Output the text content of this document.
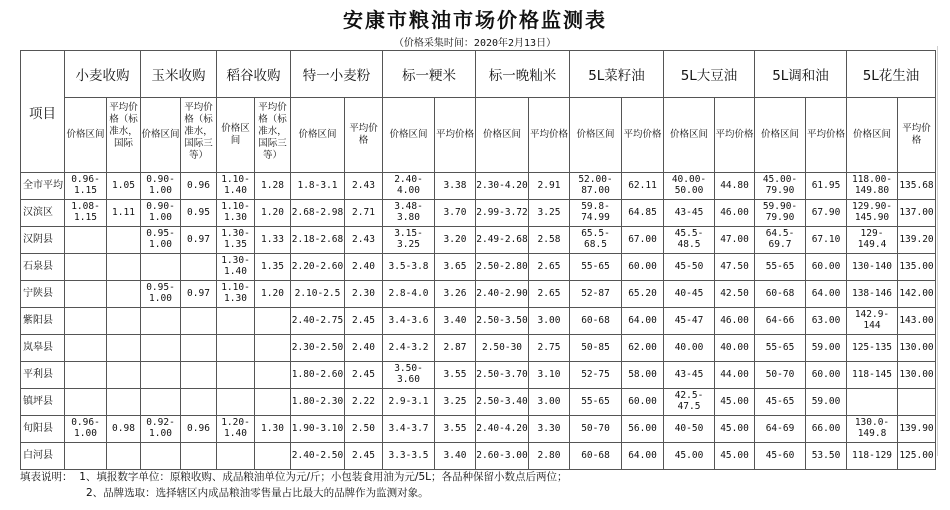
安康市粮油市场价格监测表
（价格采集时间：2020年2月13日）
项目	小麦收购		玉米收购		稻谷收购		特一小麦粉		标一粳米		标一晚籼米		5L菜籽油		5L大豆油		5L调和油		5L花生油	
	价格区间	平均价格（标准水，国际	价格区间	平均价格（标准水，国际三等）	价格区间	平均价格（标准水，国际三等）	价格区间	平均价格	价格区间	平均价格	价格区间	平均价格	价格区间	平均价格	价格区间	平均价格	价格区间	平均价格	价格区间	平均价格
全市平均	0.96-1.15	1.05	0.90-1.00	0.96	1.10-1.40	1.28	1.8-3.1	2.43	2.40-4.00	3.38	2.30-4.20	2.91	52.00-87.00	62.11	40.00-50.00	44.80	45.00-79.90	61.95	118.00-149.80	135.68
汉滨区	1.08-1.15	1.11	0.90-1.00	0.95	1.10-1.30	1.20	2.68-2.98	2.71	3.48-3.80	3.70	2.99-3.72	3.25	59.8-74.99	64.85	43-45	46.00	59.90-79.90	67.90	129.90-145.90	137.00
汉阴县			0.95-1.00	0.97	1.30-1.35	1.33	2.18-2.68	2.43	3.15-3.25	3.20	2.49-2.68	2.58	65.5-68.5	67.00	45.5-48.5	47.00	64.5-69.7	67.10	129-149.4	139.20
石泉县					1.30-1.40	1.35	2.20-2.60	2.40	3.5-3.8	3.65	2.50-2.80	2.65	55-65	60.00	45-50	47.50	55-65	60.00	130-140	135.00
宁陕县			0.95-1.00	0.97	1.10-1.30	1.20	2.10-2.5	2.30	2.8-4.0	3.26	2.40-2.90	2.65	52-87	65.20	40-45	42.50	60-68	64.00	138-146	142.00
紫阳县							2.40-2.75	2.45	3.4-3.6	3.40	2.50-3.50	3.00	60-68	64.00	45-47	46.00	64-66	63.00	142.9-144	143.00
岚皋县							2.30-2.50	2.40	2.4-3.2	2.87	2.50-30	2.75	50-85	62.00	40.00	40.00	55-65	59.00	125-135	130.00
平利县							1.80-2.60	2.45	3.50-3.60	3.55	2.50-3.70	3.10	52-75	58.00	43-45	44.00	50-70	60.00	118-145	130.00
镇坪县							1.80-2.30	2.22	2.9-3.1	3.25	2.50-3.40	3.00	55-65	60.00	42.5-47.5	45.00	45-65	59.00		
旬阳县	0.96-1.00	0.98	0.92-1.00	0.96	1.20-1.40	1.30	1.90-3.10	2.50	3.4-3.7	3.55	2.40-4.20	3.30	50-70	56.00	40-50	45.00	64-69	66.00	130.0-149.8	139.90
白河县							2.40-2.50	2.45	3.3-3.5	3.40	2.60-3.00	2.80	60-68	64.00	45.00	45.00	45-60	53.50	118-129	125.00
填表说明： 1、填报数字单位：原粮收购、成品粮油单位为元/斤；小包装食用油为元/5L；各品种保留小数点后两位；
2、品牌选取：选择辖区内成品粮油零售量占比最大的品牌作为监测对象。
